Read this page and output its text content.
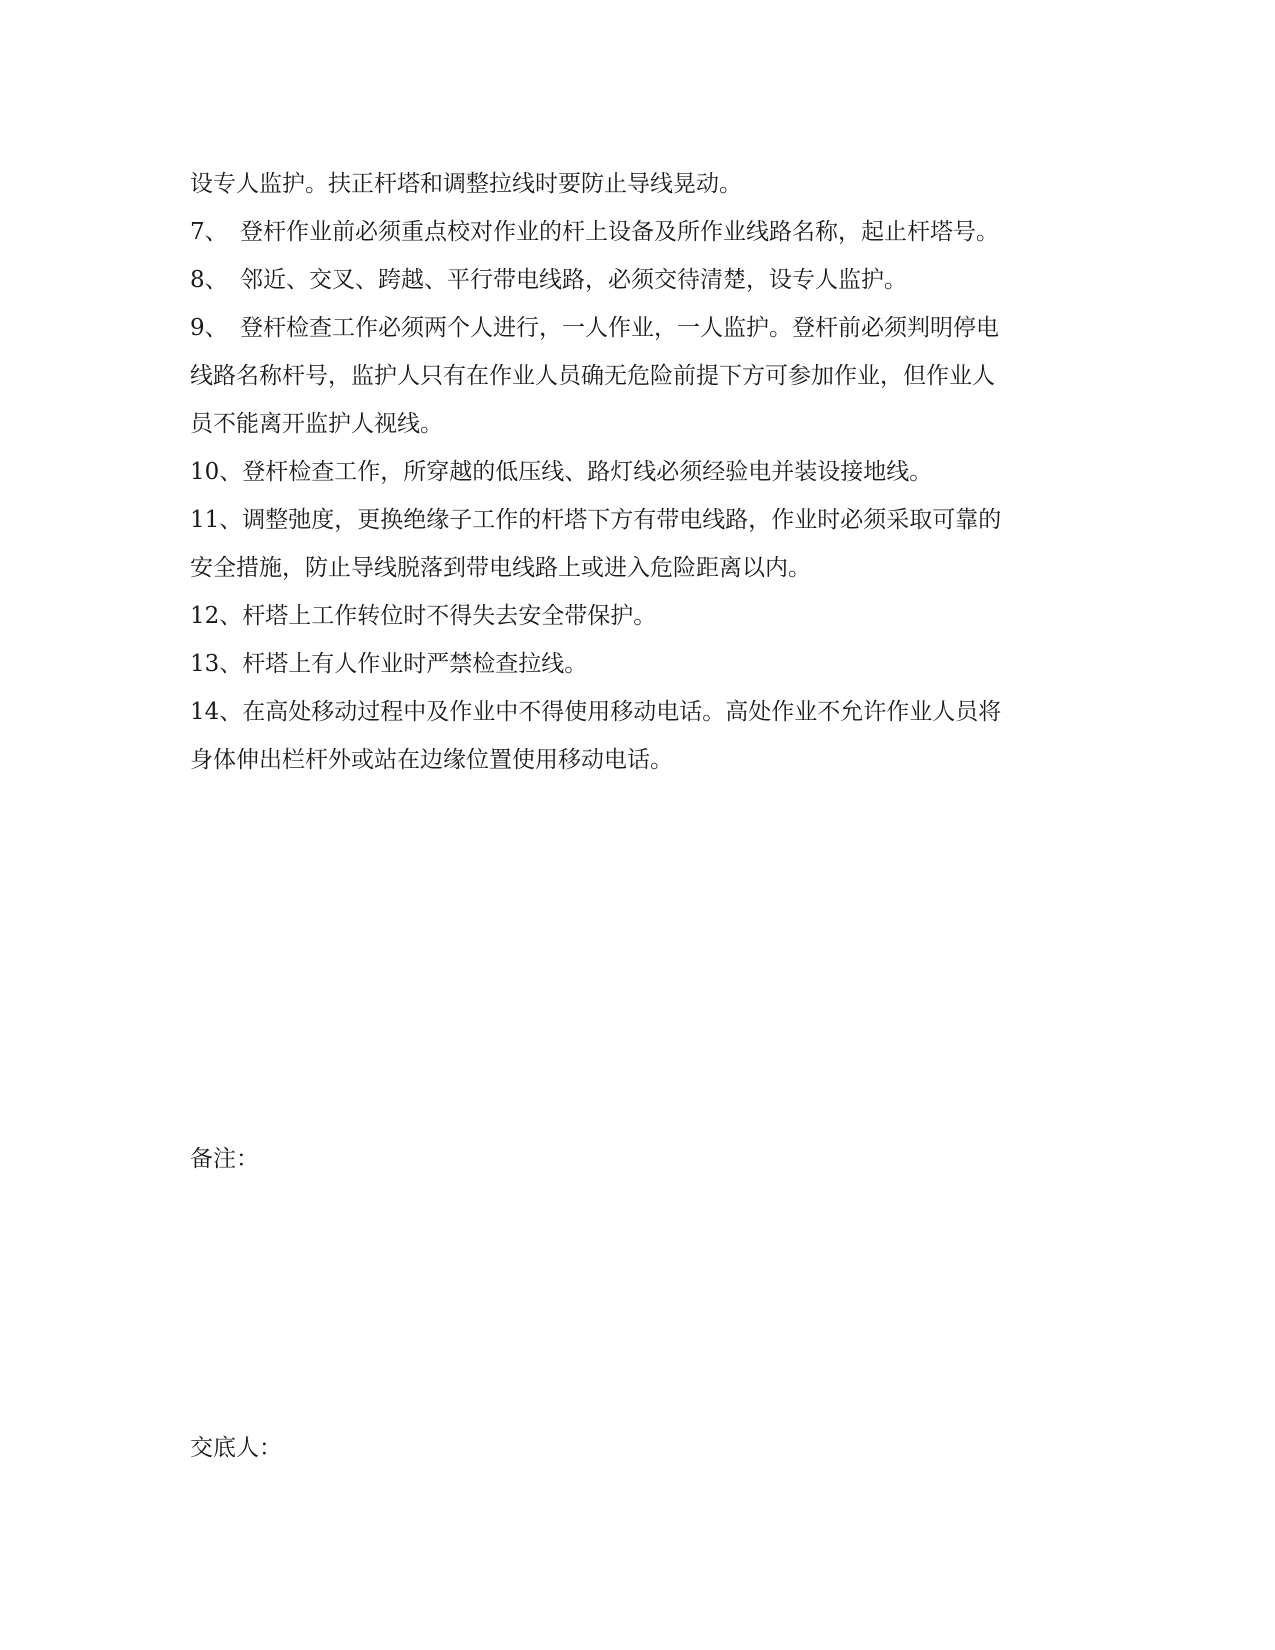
设专人监护。扶正杆塔和调整拉线时要防止导线晃动。
7、 登杆作业前必须重点校对作业的杆上设备及所作业线路名称，起止杆塔号。
8、 邻近、交叉、跨越、平行带电线路，必须交待清楚，设专人监护。
9、 登杆检查工作必须两个人进行，一人作业，一人监护。登杆前必须判明停电
线路名称杆号，监护人只有在作业人员确无危险前提下方可参加作业，但作业人
员不能离开监护人视线。
10、 登杆检查工作，所穿越的低压线、路灯线必须经验电并装设接地线。
11、 调整弛度，更换绝缘子工作的杆塔下方有带电线路，作业时必须采取可靠的
安全措施，防止导线脱落到带电线路上或进入危险距离以内。
12、 杆塔上工作转位时不得失去安全带保护。
13、 杆塔上有人作业时严禁检查拉线。
14、 在高处移动过程中及作业中不得使用移动电话。高处作业不允许作业人员将
身体伸出栏杆外或站在边缘位置使用移动电话。
备注：
交底人：
